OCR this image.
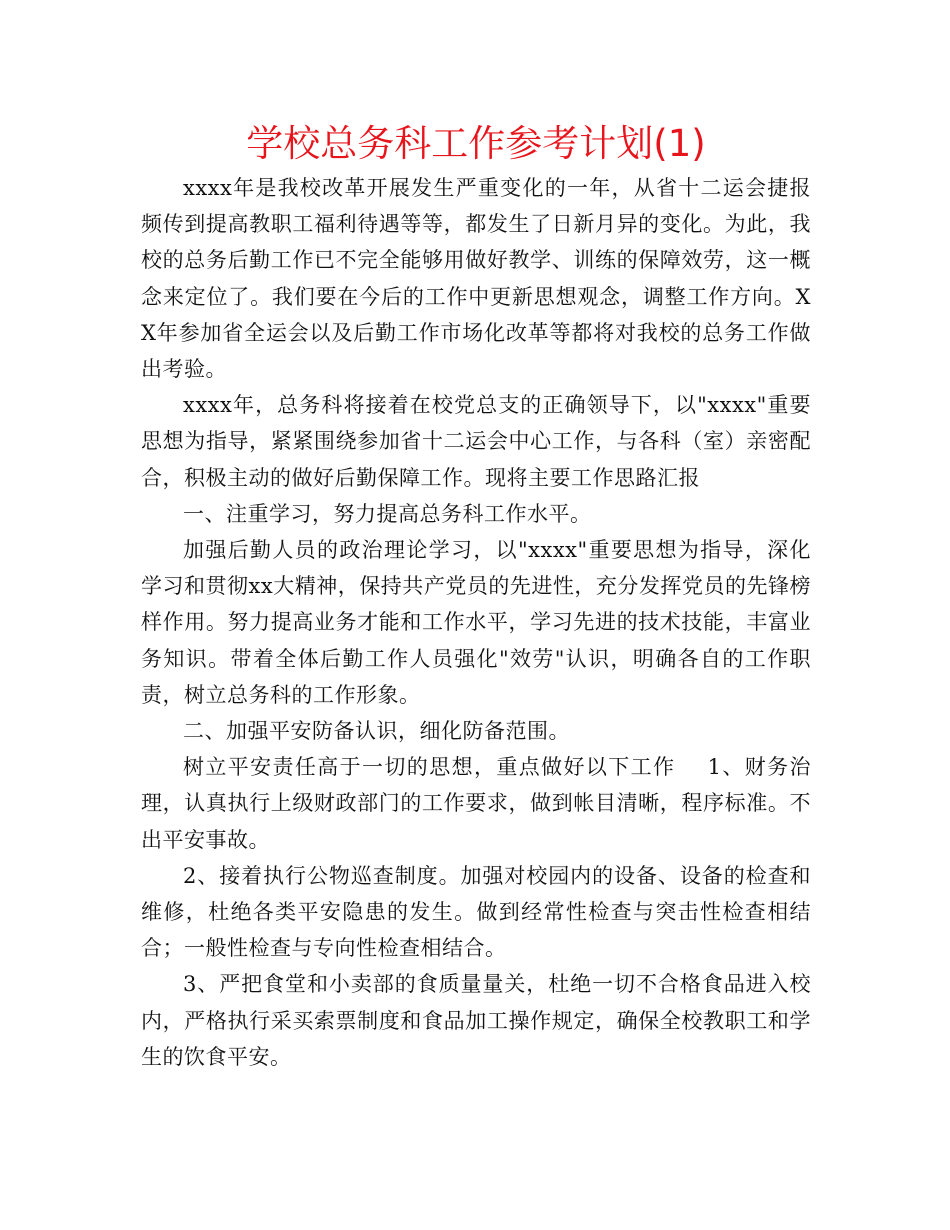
学校总务科工作参考计划(1)

xxxx年是我校改革开展发生严重变化的一年，从省十二运会捷报频传到提高教职工福利待遇等等，都发生了日新月异的变化。为此，我校的总务后勤工作已不完全能够用做好教学、训练的保障效劳，这一概念来定位了。我们要在今后的工作中更新思想观念，调整工作方向。XX年参加省全运会以及后勤工作市场化改革等都将对我校的总务工作做出考验。

xxxx年，总务科将接着在校党总支的正确领导下，以"xxxx"重要思想为指导，紧紧围绕参加省十二运会中心工作，与各科（室）亲密配合，积极主动的做好后勤保障工作。现将主要工作思路汇报

一、注重学习，努力提高总务科工作水平。

加强后勤人员的政治理论学习，以"xxxx"重要思想为指导，深化学习和贯彻xx大精神，保持共产党员的先进性，充分发挥党员的先锋榜样作用。努力提高业务才能和工作水平，学习先进的技术技能，丰富业务知识。带着全体后勤工作人员强化"效劳"认识，明确各自的工作职责，树立总务科的工作形象。

二、加强平安防备认识，细化防备范围。

树立平安责任高于一切的思想，重点做好以下工作    1、财务治理，认真执行上级财政部门的工作要求，做到帐目清晰，程序标准。不出平安事故。

2、接着执行公物巡查制度。加强对校园内的设备、设备的检查和维修，杜绝各类平安隐患的发生。做到经常性检查与突击性检查相结合；一般性检查与专向性检查相结合。

3、严把食堂和小卖部的食质量量关，杜绝一切不合格食品进入校内，严格执行采买索票制度和食品加工操作规定，确保全校教职工和学生的饮食平安。
